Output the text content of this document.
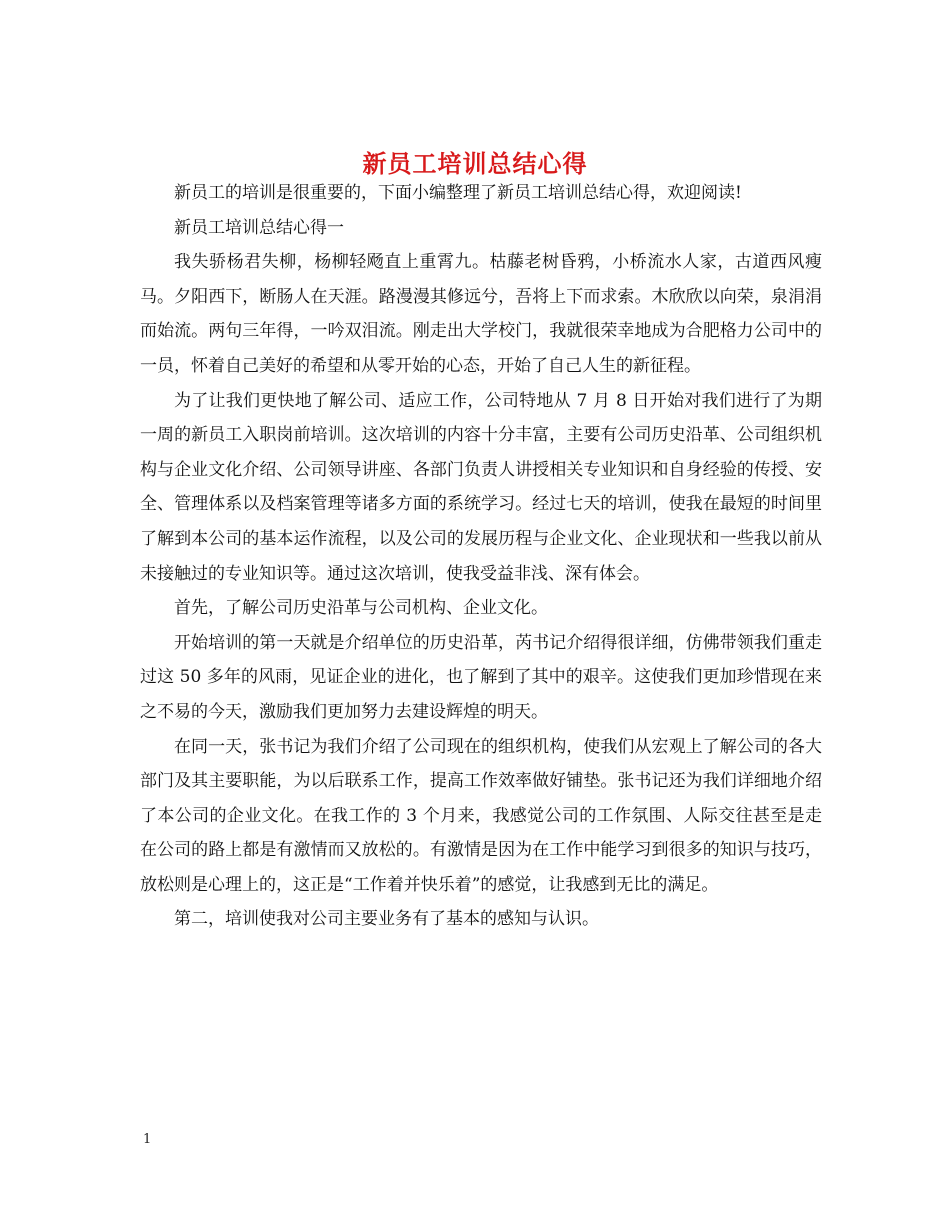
新员工培训总结心得

新员工的培训是很重要的，下面小编整理了新员工培训总结心得，欢迎阅读!

新员工培训总结心得一

我失骄杨君失柳，杨柳轻飏直上重霄九。枯藤老树昏鸦，小桥流水人家，古道西风瘦马。夕阳西下，断肠人在天涯。路漫漫其修远兮，吾将上下而求索。木欣欣以向荣，泉涓涓而始流。两句三年得，一吟双泪流。刚走出大学校门，我就很荣幸地成为合肥格力公司中的一员，怀着自己美好的希望和从零开始的心态，开始了自己人生的新征程。

为了让我们更快地了解公司、适应工作，公司特地从 7 月 8 日开始对我们进行了为期一周的新员工入职岗前培训。这次培训的内容十分丰富，主要有公司历史沿革、公司组织机构与企业文化介绍、公司领导讲座、各部门负责人讲授相关专业知识和自身经验的传授、安全、管理体系以及档案管理等诸多方面的系统学习。经过七天的培训，使我在最短的时间里了解到本公司的基本运作流程，以及公司的发展历程与企业文化、企业现状和一些我以前从未接触过的专业知识等。通过这次培训，使我受益非浅、深有体会。

首先，了解公司历史沿革与公司机构、企业文化。

开始培训的第一天就是介绍单位的历史沿革，芮书记介绍得很详细，仿佛带领我们重走过这 50 多年的风雨，见证企业的进化，也了解到了其中的艰辛。这使我们更加珍惜现在来之不易的今天，激励我们更加努力去建设辉煌的明天。

在同一天，张书记为我们介绍了公司现在的组织机构，使我们从宏观上了解公司的各大部门及其主要职能，为以后联系工作，提高工作效率做好铺垫。张书记还为我们详细地介绍了本公司的企业文化。在我工作的 3 个月来，我感觉公司的工作氛围、人际交往甚至是走在公司的路上都是有激情而又放松的。有激情是因为在工作中能学习到很多的知识与技巧，放松则是心理上的，这正是“工作着并快乐着”的感觉，让我感到无比的满足。

第二，培训使我对公司主要业务有了基本的感知与认识。

1
